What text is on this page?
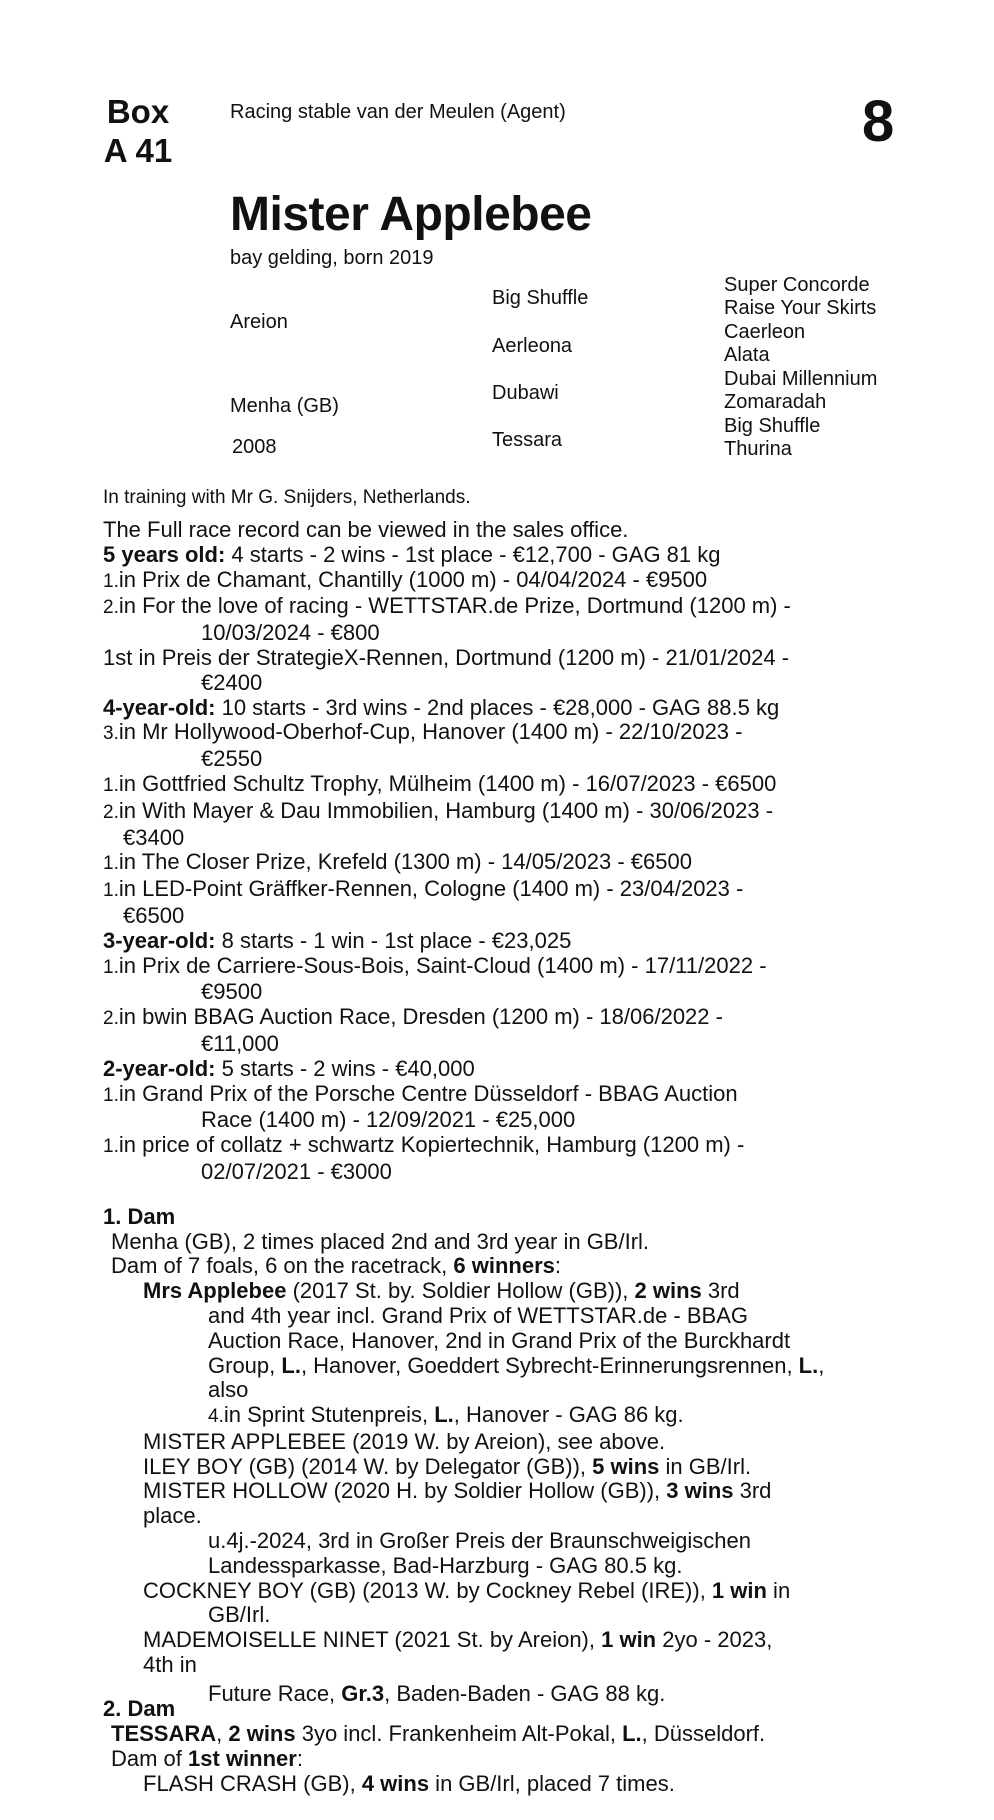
Box
A 41
Racing stable van der Meulen (Agent)	8
Mister Applebee
bay gelding, born 2019
Areion
Menha (GB)
2008
Big Shuffle
Aerleona
Dubawi
Tessara
Super Concorde
Raise Your Skirts Caerleon
Alata
Dubai Millennium
Zomaradah
Big Shuffle
Thurina
In training with Mr G. Snijders, Netherlands.

The Full race record can be viewed in the sales office.

5 years old: 4 starts - 2 wins - 1st place - €12,700 - GAG 81 kg

1.in Prix de Chamant, Chantilly (1000 m) - 04/04/2024 - €9500

2.in For the love of racing - WETTSTAR.de Prize, Dortmund (1200 m) -

10/03/2024 - €800

1st in Preis der StrategieX-Rennen, Dortmund (1200 m) - 21/01/2024 -

€2400

4-year-old: 10 starts - 3rd wins - 2nd places - €28,000 - GAG 88.5 kg

3.in Mr Hollywood-Oberhof-Cup, Hanover (1400 m) - 22/10/2023 -

€2550

1.in Gottfried Schultz Trophy, Mülheim (1400 m) - 16/07/2023 - €6500

2.in With Mayer & Dau Immobilien, Hamburg (1400 m) - 30/06/2023 -

€3400

1.in The Closer Prize, Krefeld (1300 m) - 14/05/2023 - €6500

1.in LED-Point Gräffker-Rennen, Cologne (1400 m) - 23/04/2023 -

€6500

3-year-old: 8 starts - 1 win - 1st place - €23,025

1.in Prix de Carriere-Sous-Bois, Saint-Cloud (1400 m) - 17/11/2022 -

€9500

2.in bwin BBAG Auction Race, Dresden (1200 m) - 18/06/2022 -

€11,000

2-year-old: 5 starts - 2 wins - €40,000

1.in Grand Prix of the Porsche Centre Düsseldorf - BBAG Auction

Race (1400 m) - 12/09/2021 - €25,000

1.in price of collatz + schwartz Kopiertechnik, Hamburg (1200 m) -

02/07/2021 - €3000

1. Dam

Menha (GB), 2 times placed 2nd and 3rd year in GB/Irl.

Dam of 7 foals, 6 on the racetrack, 6 winners:

Mrs Applebee (2017 St. by. Soldier Hollow (GB)), 2 wins 3rd

and 4th year incl. Grand Prix of WETTSTAR.de - BBAG

Auction Race, Hanover, 2nd in Grand Prix of the Burckhardt

Group, L., Hanover, Goeddert Sybrecht-Erinnerungsrennen, L.,

also

4.in Sprint Stutenpreis, L., Hanover - GAG 86 kg.

MISTER APPLEBEE (2019 W. by Areion), see above.

ILEY BOY (GB) (2014 W. by Delegator (GB)), 5 wins in GB/Irl.

MISTER HOLLOW (2020 H. by Soldier Hollow (GB)), 3 wins 3rd

place.

u.4j.-2024, 3rd in Großer Preis der Braunschweigischen

Landessparkasse, Bad-Harzburg - GAG 80.5 kg.

COCKNEY BOY (GB) (2013 W. by Cockney Rebel (IRE)), 1 win in

GB/Irl.

MADEMOISELLE NINET (2021 St. by Areion), 1 win 2yo - 2023,

4th in

Future Race, Gr.3, Baden-Baden - GAG 88 kg.

2. Dam

TESSARA, 2 wins 3yo incl. Frankenheim Alt-Pokal, L., Düsseldorf.

Dam of 1st winner:

FLASH CRASH (GB), 4 wins in GB/Irl, placed 7 times.
